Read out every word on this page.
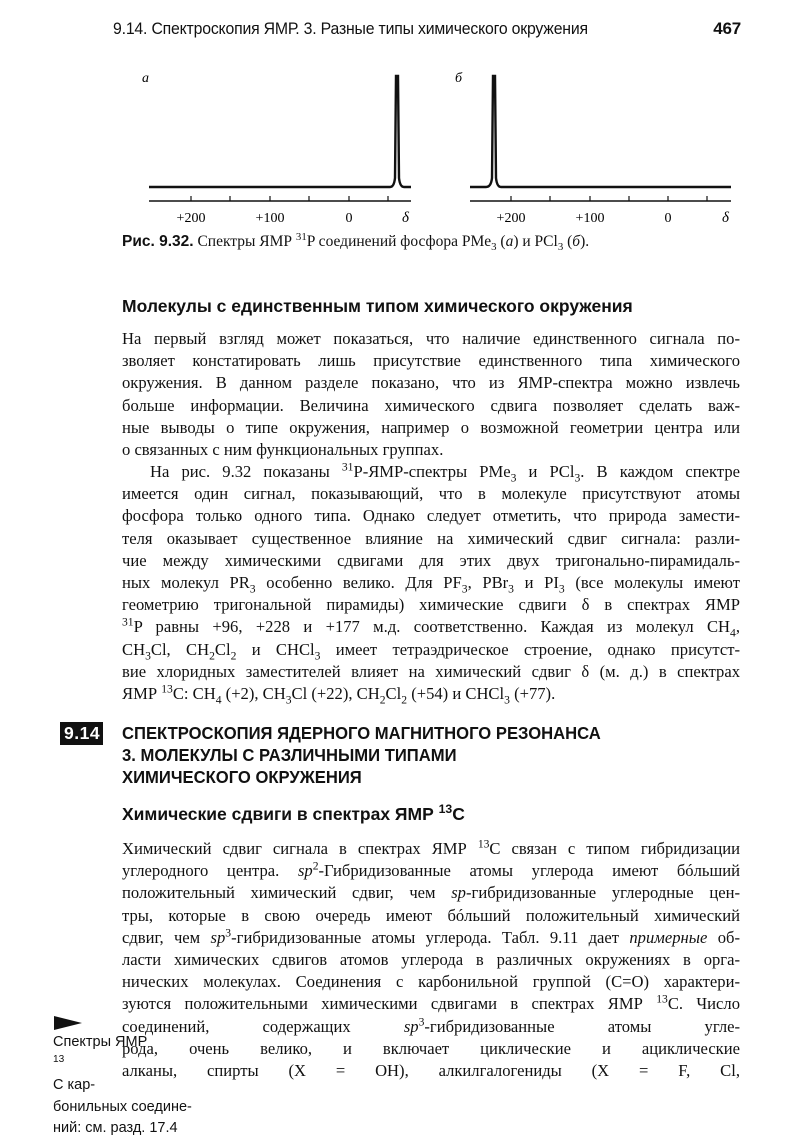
9.14. Спектроскопия ЯМР. 3. Разные типы химического окружения	467
а
+200	+100	0	δ
б
+200	+100	0	δ
Рис. 9.32. Спектры ЯМР $^{31}$P соединений фосфора PMe$_3$ (а) и PCl$_3$ (б).
Молекулы с единственным типом химического окружения
На первый взгляд может показаться, что наличие единственного сигнала по-
зволяет констатировать лишь присутствие единственного типа химического
окружения. В данном разделе показано, что из ЯМР-спектра можно извлечь
больше информации. Величина химического сдвига позволяет сделать важ-
ные выводы о типе окружения, например о возможной геометрии центра или
о связанных с ним функциональных группах.
На рис. 9.32 показаны $^{31}$P-ЯМР-спектры PMe$_3$ и PCl$_3$. В каждом спектре
имеется один сигнал, показывающий, что в молекуле присутствуют атомы
фосфора только одного типа. Однако следует отметить, что природа замести-
теля оказывает существенное влияние на химический сдвиг сигнала: разли-
чие между химическими сдвигами для этих двух тригонально-пирамидаль-
ных молекул $PR_3$ особенно велико. Для $PF_3$, PBr$_3$ и $PI_3$ (все молекулы имеют
геометрию тригональной пирамиды) химические сдвиги δ в спектрах ЯМР
$^{31}$P равны +96, +228 и +177 м.д. соответственно. Каждая из молекул $CH_4$,
$CH_3Cl$, $CH_2Cl_2$ и CHCl$_3$ имеет тетраэдрическое строение, однако присутст-
вие хлоридных заместителей влияет на химический сдвиг δ (м. д.) в спектрах
ЯМР $^{13}$C: $CH_4$ (+2), $CH_3Cl$ (+22), $CH_2Cl_2$ (+54) и CHCl$_3$ (+77).
9.14 СПЕКТРОСКОПИЯ ЯДЕРНОГО МАГНИТНОГО РЕЗОНАНСА
3. МОЛЕКУЛЫ С РАЗЛИЧНЫМИ ТИПАМИ
ХИМИЧЕСКОГО ОКРУЖЕНИЯ
Химические сдвиги в спектрах ЯМР $^{13}$C
Химический сдвиг сигнала в спектрах ЯМР $^{13}$C связан с типом гибридизации
углеродного центра. $sp^2$-Гибридизованные атомы углерода имеют бóльший
положительный химический сдвиг, чем sp-гибридизованные углеродные цен-
тры, которые в свою очередь имеют бóльший положительный химический
сдвиг, чем $sp^3$-гибридизованные атомы углерода. Табл. 9.11 дает примерные об-
ласти химических сдвигов атомов углерода в различных окружениях в орга-
нических молекулах. Соединения с карбонильной группой (C=O) характери-
зуются положительными химическими сдвигами в спектрах ЯМР $^{13}$C. Число
соединений, содержащих $sp^3$-гибридизованные атомы угле-
рода, очень велико, и включает циклические и ациклические
алканы, спирты (X = OH), алкилгалогениды (X = F, Cl,
Спектры ЯМР
$^{13}$
C кар-
бонильных соедине-
ний: см. разд. 17.4
